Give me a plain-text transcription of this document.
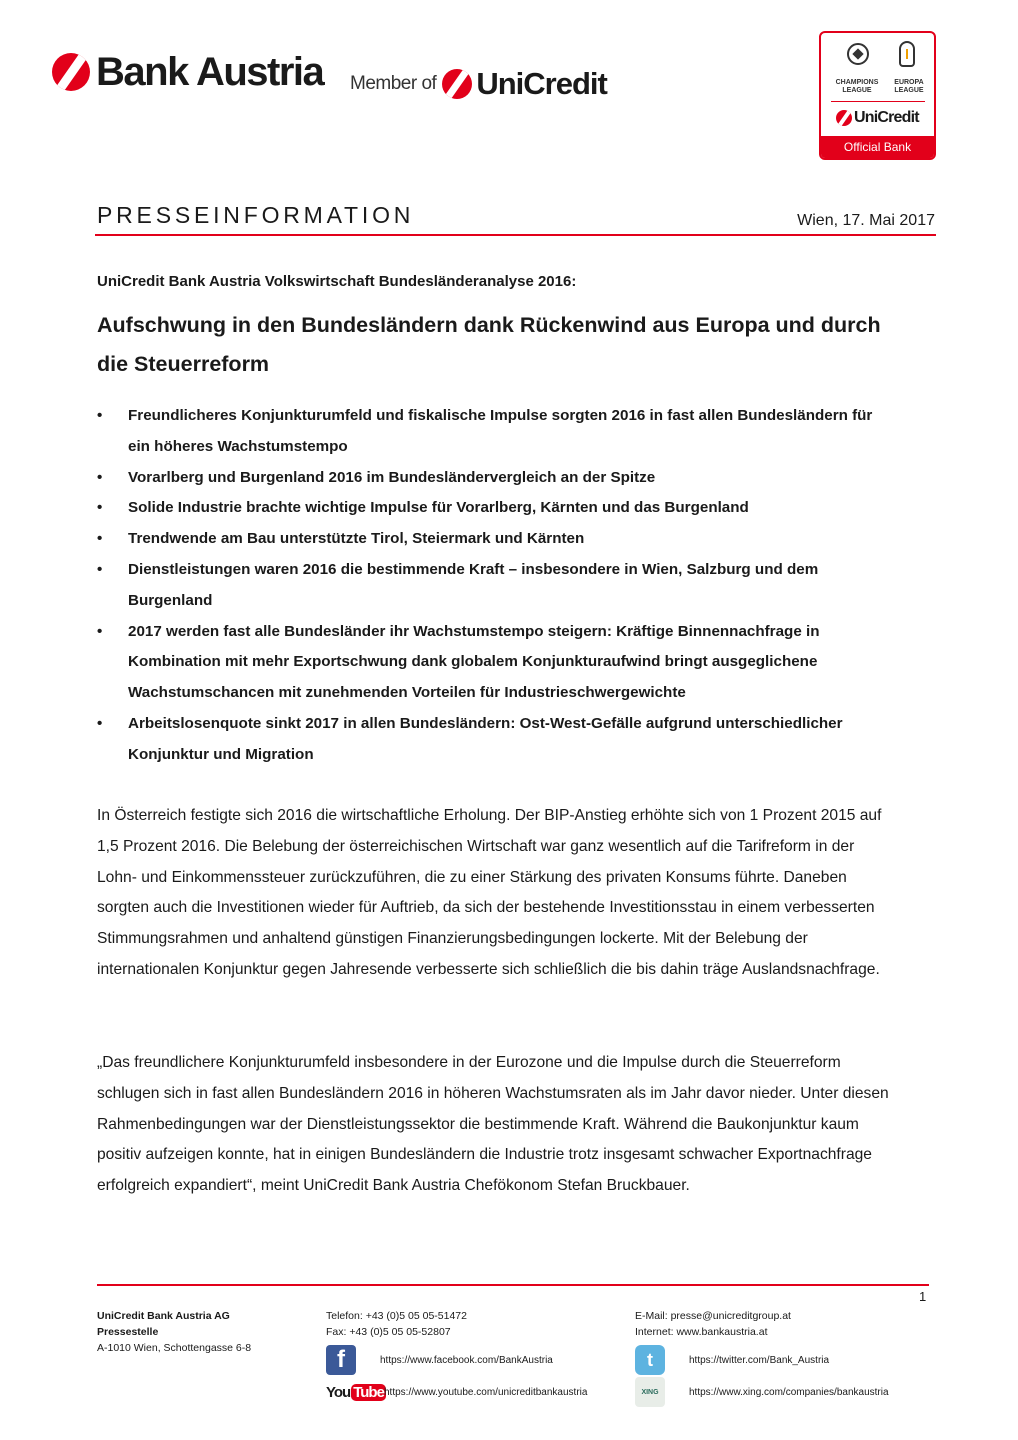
Bank Austria Member of UniCredit	CHAMPIONS LEAGUE
EUROPA LEAGUE
UniCredit
Official Bank
PRESSEINFORMATION	Wien, 17. Mai 2017
UniCredit Bank Austria Volkswirtschaft Bundesländeranalyse 2016:
Aufschwung in den Bundesländern dank Rückenwind aus Europa und durch die Steuerreform
• Freundlicheres Konjunkturumfeld und fiskalische Impulse sorgten 2016 in fast allen Bundesländern für ein höheres Wachstumstempo
• Vorarlberg und Burgenland 2016 im Bundesländervergleich an der Spitze
• Solide Industrie brachte wichtige Impulse für Vorarlberg, Kärnten und das Burgenland
• Trendwende am Bau unterstützte Tirol, Steiermark und Kärnten
• Dienstleistungen waren 2016 die bestimmende Kraft – insbesondere in Wien, Salzburg und dem Burgenland
• 2017 werden fast alle Bundesländer ihr Wachstumstempo steigern: Kräftige Binnennachfrage in Kombination mit mehr Exportschwung dank globalem Konjunkturaufwind bringt ausgeglichene Wachstumschancen mit zunehmenden Vorteilen für Industrieschwergewichte
• Arbeitslosenquote sinkt 2017 in allen Bundesländern: Ost-West-Gefälle aufgrund unterschiedlicher Konjunktur und Migration
In Österreich festigte sich 2016 die wirtschaftliche Erholung. Der BIP-Anstieg erhöhte sich von 1 Prozent 2015 auf 1,5 Prozent 2016. Die Belebung der österreichischen Wirtschaft war ganz wesentlich auf die Tarifreform in der Lohn- und Einkommenssteuer zurückzuführen, die zu einer Stärkung des privaten Konsums führte. Daneben sorgten auch die Investitionen wieder für Auftrieb, da sich der bestehende Investitionsstau in einem verbesserten Stimmungsrahmen und anhaltend günstigen Finanzierungsbedingungen lockerte. Mit der Belebung der internationalen Konjunktur gegen Jahresende verbesserte sich schließlich die bis dahin träge Auslandsnachfrage.
„Das freundlichere Konjunkturumfeld insbesondere in der Eurozone und die Impulse durch die Steuerreform schlugen sich in fast allen Bundesländern 2016 in höheren Wachstumsraten als im Jahr davor nieder. Unter diesen Rahmenbedingungen war der Dienstleistungssektor die bestimmende Kraft. Während die Baukonjunktur kaum positiv aufzeigen konnte, hat in einigen Bundesländern die Industrie trotz insgesamt schwacher Exportnachfrage erfolgreich expandiert“, meint UniCredit Bank Austria Chefökonom Stefan Bruckbauer.
1
UniCredit Bank Austria AG
Pressestelle
A-1010 Wien, Schottengasse 6-8
Telefon: +43 (0)5 05 05-51472
Fax: +43 (0)5 05 05-52807
E-Mail: presse@unicreditgroup.at
Internet: www.bankaustria.at
f	https://www.facebook.com/BankAustria
You Tube https://www.youtube.com/unicreditbankaustria
t	https://twitter.com/Bank_Austria
XING	https://www.xing.com/companies/bankaustria
